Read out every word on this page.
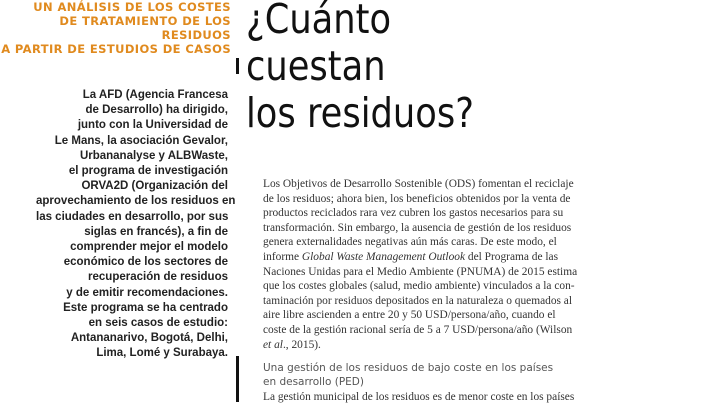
UN ANÁLISIS DE LOS COSTES
DE TRATAMIENTO DE LOS RESIDUOS
A PARTIR DE ESTUDIOS DE CASOS
¿Cuánto
cuestan
los residuos?
La AFD (Agencia Francesa
de Desarrollo) ha dirigido,
junto con la Universidad de
Le Mans, la asociación Gevalor,
Urbananalyse y ALBWaste,
el programa de investigación
ORVA2D (Organización del
aprovechamiento de los residuos en
las ciudades en desarrollo, por sus
siglas en francés), a fin de
comprender mejor el modelo
económico de los sectores de
recuperación de residuos
y de emitir recomendaciones.
Este programa se ha centrado
en seis casos de estudio:
Antananarivo, Bogotá, Delhi,
Lima, Lomé y Surabaya.
Los Objetivos de Desarrollo Sostenible (ODS) fomentan el reciclaje
de los residuos; ahora bien, los beneficios obtenidos por la venta de
productos reciclados rara vez cubren los gastos necesarios para su
transformación. Sin embargo, la ausencia de gestión de los residuos
genera externalidades negativas aún más caras. De este modo, el
informe Global Waste Management Outlook del Programa de las
Naciones Unidas para el Medio Ambiente (PNUMA) de 2015 estima
que los costes globales (salud, medio ambiente) vinculados a la con-
taminación por residuos depositados en la naturaleza o quemados al
aire libre ascienden a entre 20 y 50 USD/persona/año, cuando el
coste de la gestión racional sería de 5 a 7 USD/persona/año (Wilson
et al., 2015).
Una gestión de los residuos de bajo coste en los países
en desarrollo (PED)
La gestión municipal de los residuos es de menor coste en los países
